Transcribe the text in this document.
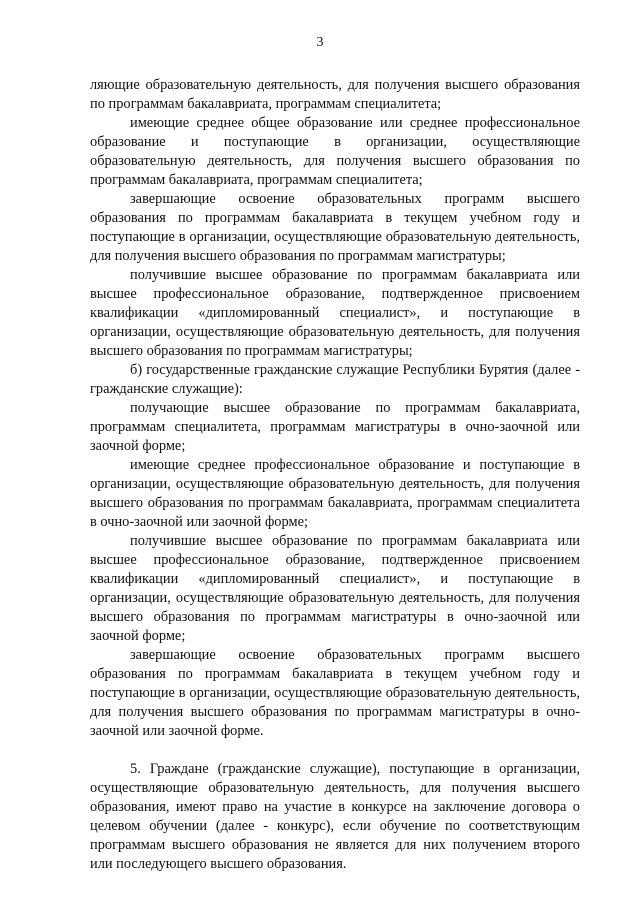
3

ляющие образовательную деятельность, для получения высшего образования по программам бакалавриата, программам специалитета;

имеющие среднее общее образование или среднее профессиональное образование и поступающие в организации, осуществляющие образовательную деятельность, для получения высшего образования по программам бакалавриата, программам специалитета;

завершающие освоение образовательных программ высшего образования по программам бакалавриата в текущем учебном году и поступающие в организации, осуществляющие образовательную деятельность, для получения высшего образования по программам магистратуры;

получившие высшее образование по программам бакалавриата или высшее профессиональное образование, подтвержденное присвоением квалификации «дипломированный специалист», и поступающие в организации, осуществляющие образовательную деятельность, для получения высшего образования по программам магистратуры;

б) государственные гражданские служащие Республики Бурятия (далее - гражданские служащие):

получающие высшее образование по программам бакалавриата, программам специалитета, программам магистратуры в очно-заочной или заочной форме;

имеющие среднее профессиональное образование и поступающие в организации, осуществляющие образовательную деятельность, для получения высшего образования по программам бакалавриата, программам специалитета в очно-заочной или заочной форме;

получившие высшее образование по программам бакалавриата или высшее профессиональное образование, подтвержденное присвоением квалификации «дипломированный специалист», и поступающие в организации, осуществляющие образовательную деятельность, для получения высшего образования по программам магистратуры в очно-заочной или заочной форме;

завершающие освоение образовательных программ высшего образования по программам бакалавриата в текущем учебном году и поступающие в организации, осуществляющие образовательную деятельность, для получения высшего образования по программам магистратуры в очно-заочной или заочной форме.

5. Граждане (гражданские служащие), поступающие в организации, осуществляющие образовательную деятельность, для получения высшего образования, имеют право на участие в конкурсе на заключение договора о целевом обучении (далее - конкурс), если обучение по соответствующим программам высшего образования не является для них получением второго или последующего высшего образования.
